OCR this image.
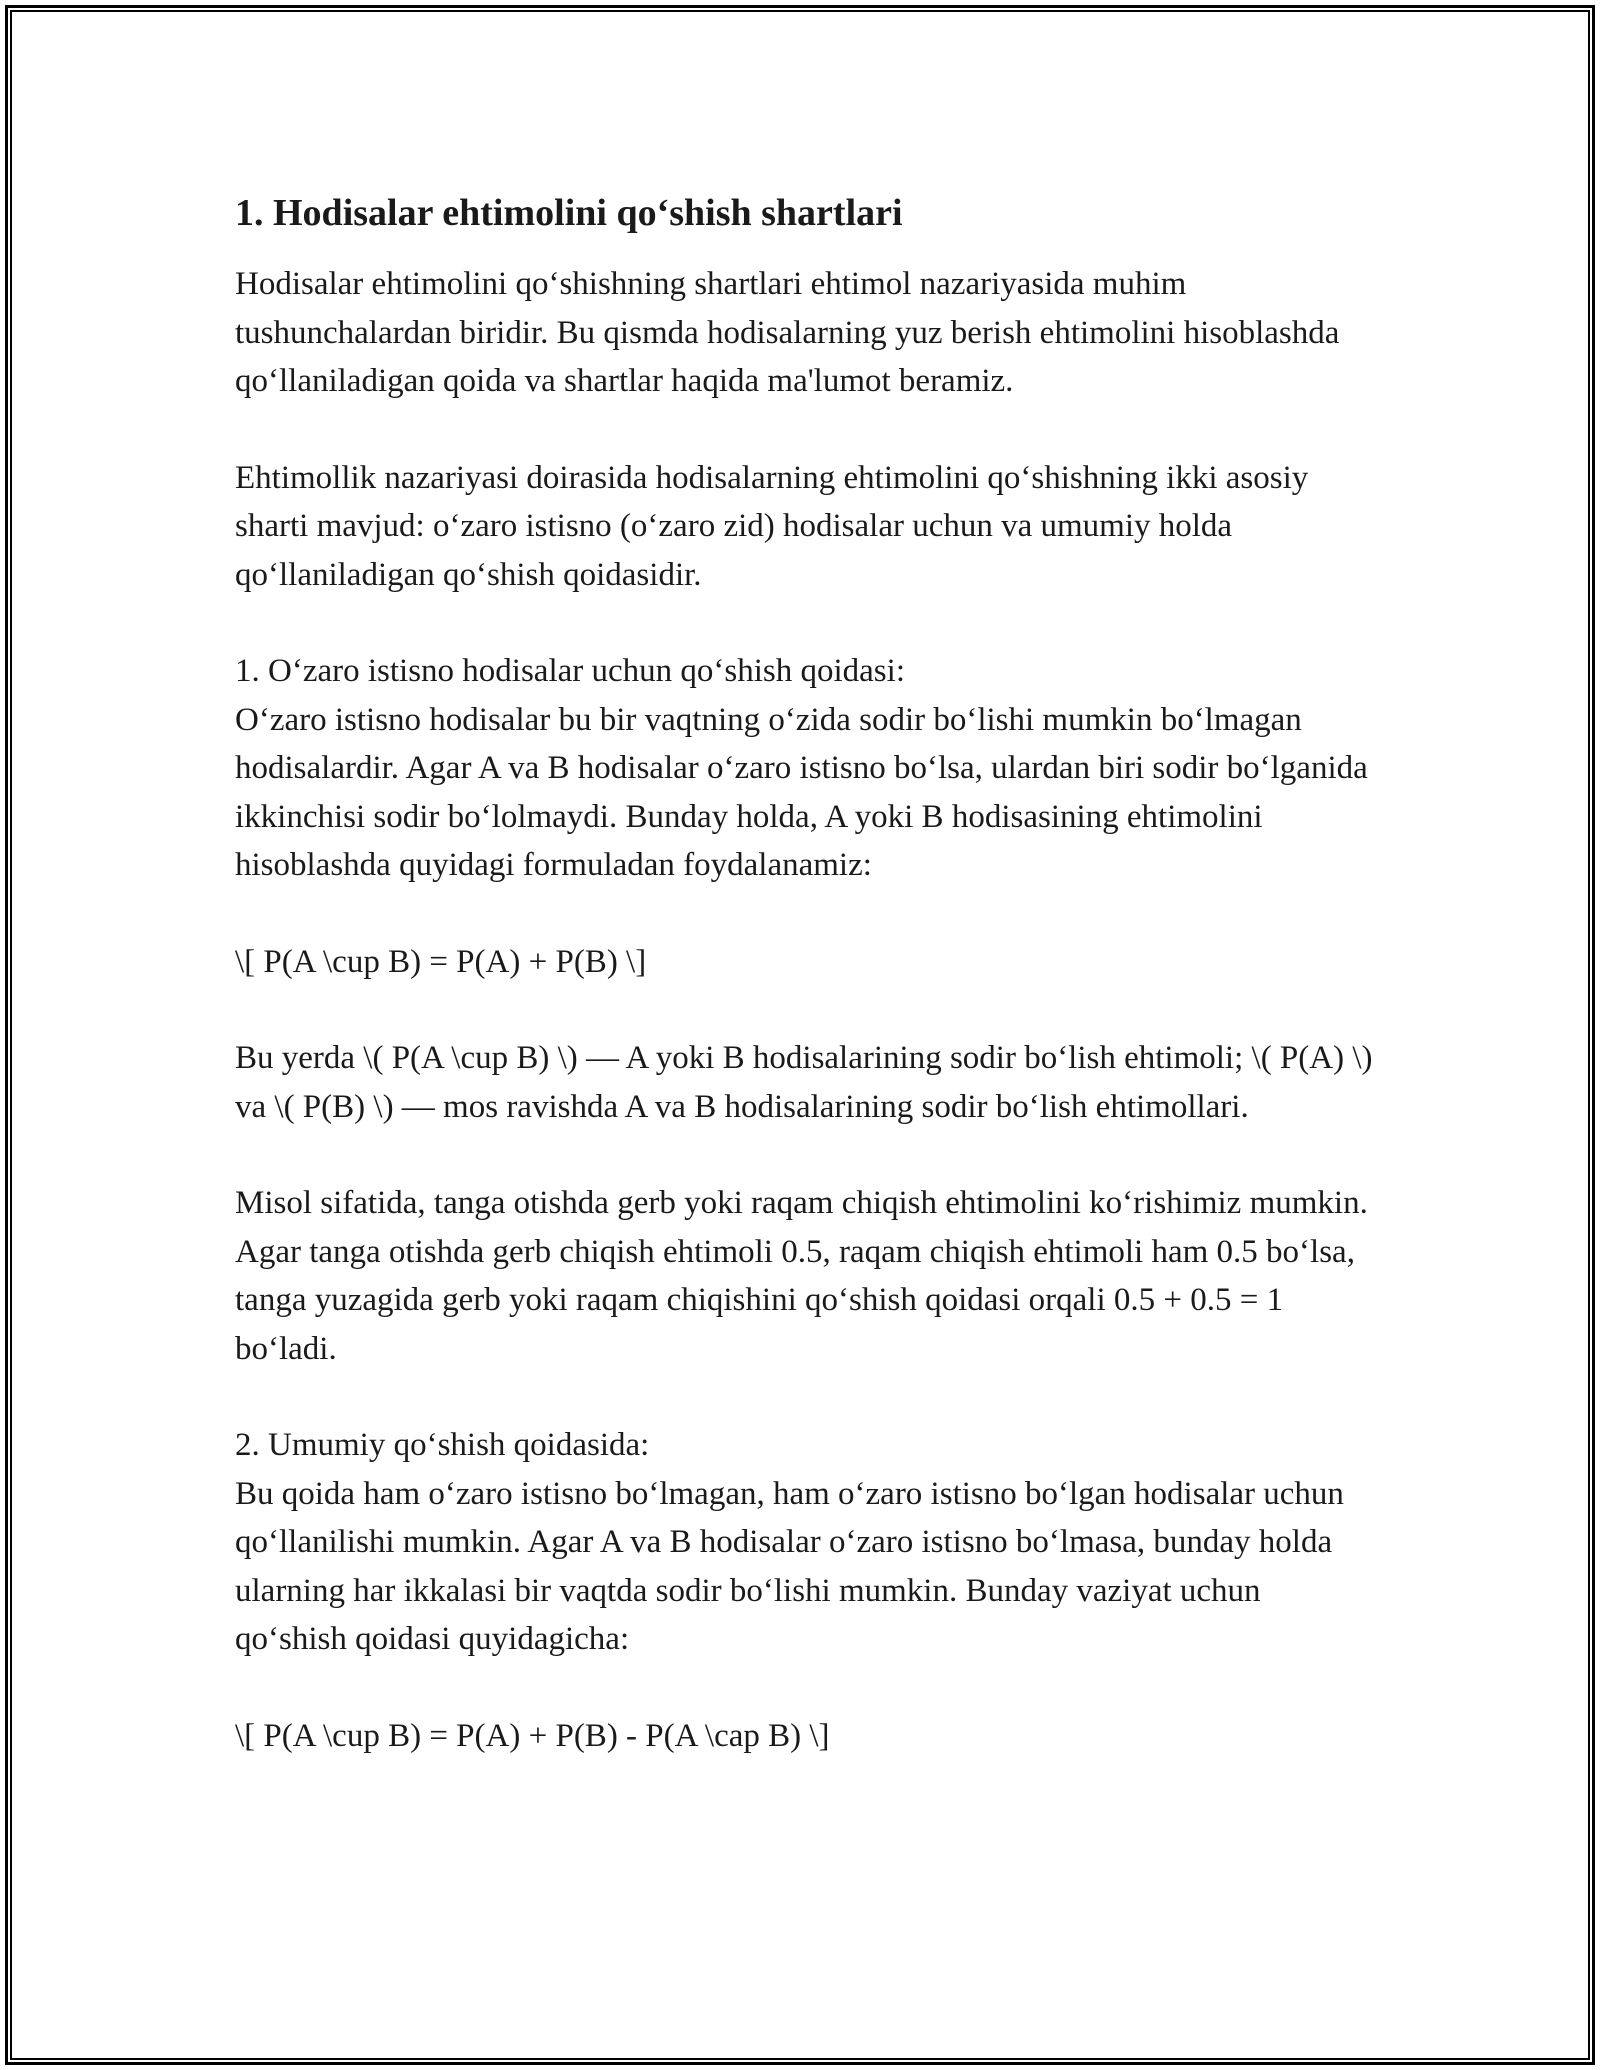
1. Hodisalar ehtimolini qo‘shish shartlari

Hodisalar ehtimolini qo‘shishning shartlari ehtimol nazariyasida muhim tushunchalardan biridir. Bu qismda hodisalarning yuz berish ehtimolini hisoblashda qo‘llaniladigan qoida va shartlar haqida ma'lumot beramiz.

Ehtimollik nazariyasi doirasida hodisalarning ehtimolini qo‘shishning ikki asosiy sharti mavjud: o‘zaro istisno (o‘zaro zid) hodisalar uchun va umumiy holda qo‘llaniladigan qo‘shish qoidasidir.

1. O‘zaro istisno hodisalar uchun qo‘shish qoidasi:
O‘zaro istisno hodisalar bu bir vaqtning o‘zida sodir bo‘lishi mumkin bo‘lmagan hodisalardir. Agar A va B hodisalar o‘zaro istisno bo‘lsa, ulardan biri sodir bo‘lganida ikkinchisi sodir bo‘lolmaydi. Bunday holda, A yoki B hodisasining ehtimolini hisoblashda quyidagi formuladan foydalanamiz:

\[ P(A \cup B) = P(A) + P(B) \]

Bu yerda \( P(A \cup B) \) — A yoki B hodisalarining sodir bo‘lish ehtimoli; \( P(A) \) va \( P(B) \) — mos ravishda A va B hodisalarining sodir bo‘lish ehtimollari.

Misol sifatida, tanga otishda gerb yoki raqam chiqish ehtimolini ko‘rishimiz mumkin. Agar tanga otishda gerb chiqish ehtimoli 0.5, raqam chiqish ehtimoli ham 0.5 bo‘lsa, tanga yuzagida gerb yoki raqam chiqishini qo‘shish qoidasi orqali 0.5 + 0.5 = 1 bo‘ladi.

2. Umumiy qo‘shish qoidasida:
Bu qoida ham o‘zaro istisno bo‘lmagan, ham o‘zaro istisno bo‘lgan hodisalar uchun qo‘llanilishi mumkin. Agar A va B hodisalar o‘zaro istisno bo‘lmasa, bunday holda ularning har ikkalasi bir vaqtda sodir bo‘lishi mumkin. Bunday vaziyat uchun qo‘shish qoidasi quyidagicha:

\[ P(A \cup B) = P(A) + P(B) - P(A \cap B) \]
